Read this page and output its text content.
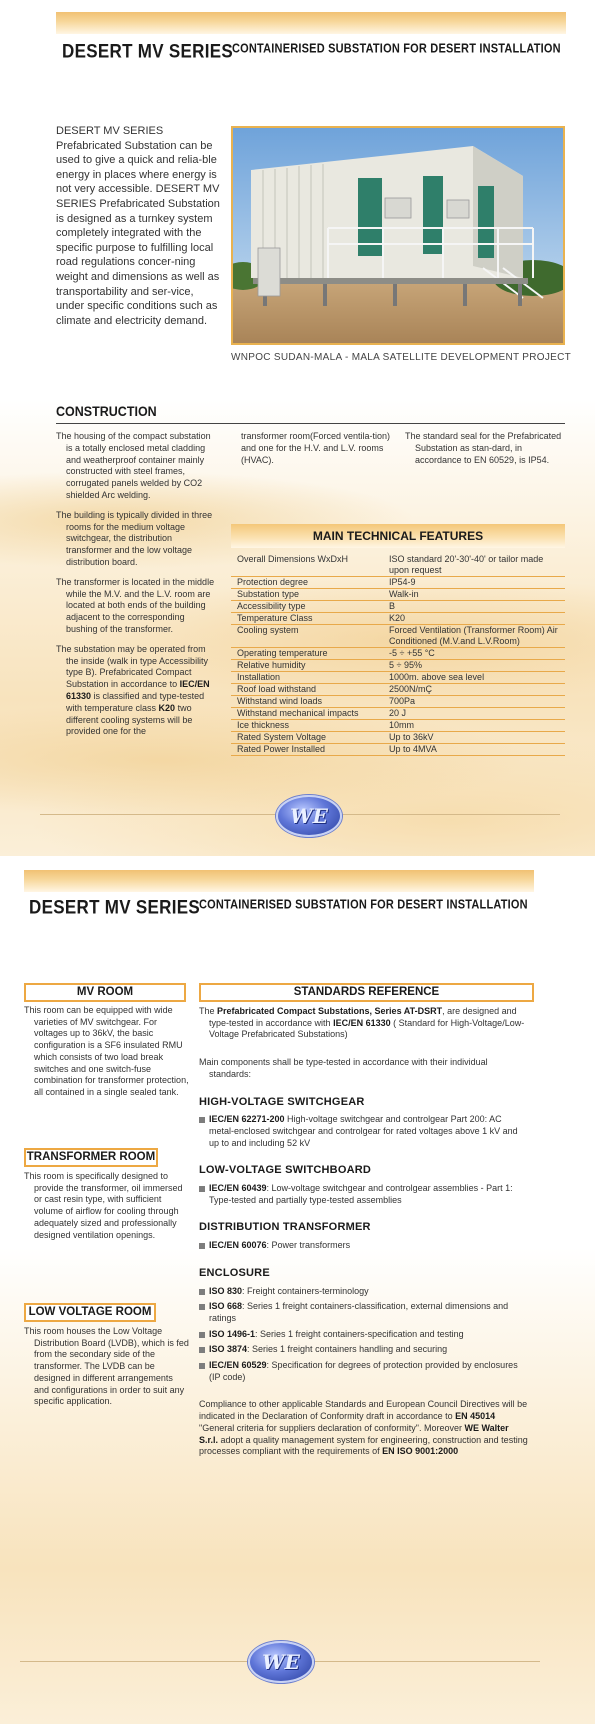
DESERT MV SERIES
CONTAINERISED SUBSTATION FOR DESERT INSTALLATION
DESERT MV SERIES Prefabricated Substation can be used to give a quick and relia-ble energy in places where energy is not very accessible. DESERT MV SERIES Prefabricated Substation is designed as a turnkey system completely integrated with the specific purpose to fulfilling local road regulations concer-ning weight and dimensions as well as transportability and ser-vice, under specific conditions such as climate and electricity demand.
WNPOC SUDAN-MALA - MALA SATELLITE DEVELOPMENT PROJECT
CONSTRUCTION

The housing of the compact substation is a totally enclosed metal cladding and weatherproof container mainly constructed with steel frames, corrugated panels welded by CO2 shielded Arc welding.

The building is typically divided in three rooms for the medium voltage switchgear, the distribution transformer and the low voltage distribution board.

The transformer is located in the middle while the M.V. and the L.V. room are located at both ends of the building adjacent to the corresponding bushing of the transformer.

The substation may be operated from the inside (walk in type Accessibility type B). Prefabricated Compact Substation in accordance to IEC/EN 61330 is classified and type-tested with temperature class K20 two different cooling systems will be provided one for the

transformer room(Forced ventila-tion) and one for the H.V. and L.V. rooms (HVAC).

The standard seal for the Prefabricated Substation as stan-dard, in accordance to EN 60529, is IP54.

MAIN TECHNICAL FEATURES
Overall Dimensions WxDxH	ISO standard 20'-30'-40' or tailor made upon request
Protection degree	IP54-9
Substation type	Walk-in
Accessibility type	B
Temperature Class	K20
Cooling system	Forced Ventilation (Transformer Room) Air Conditioned (M.V.and L.V.Room)
Operating temperature	-5 ÷ +55 °C
Relative humidity	5 ÷ 95%
Installation	1000m. above sea level
Roof load withstand	2500N/mÇ
Withstand wind loads	700Pa
Withstand mechanical impacts	20 J
Ice thickness	10mm
Rated System Voltage	Up to 36kV
Rated Power Installed	Up to 4MVA
WE
DESERT MV SERIES
CONTAINERISED SUBSTATION FOR DESERT INSTALLATION
MV ROOM

This room can be equipped with wide varieties of MV switchgear. For voltages up to 36kV, the basic configuration is a SF6 insulated RMU which consists of two load break switches and one switch-fuse combination for transformer protection, all contained in a single sealed tank.

TRANSFORMER ROOM

This room is specifically designed to provide the transformer, oil immersed or cast resin type, with sufficient volume of airflow for cooling through adequately sized and professionally designed ventilation openings.

LOW VOLTAGE ROOM

This room houses the Low Voltage Distribution Board (LVDB), which is fed from the secondary side of the transformer. The LVDB can be designed in different arrangements and configurations in order to suit any specific application.

STANDARDS REFERENCE

The Prefabricated Compact Substations, Series AT-DSRT, are designed and type-tested in accordance with IEC/EN 61330 ( Standard for High-Voltage/Low-Voltage Prefabricated Substations)

Main components shall be type-tested in accordance with their individual standards:

HIGH-VOLTAGE SWITCHGEAR
IEC/EN 62271-200 High-voltage switchgear and controlgear Part 200: AC metal-enclosed switchgear and controlgear for rated voltages above 1 kV and up to and including 52 kV
LOW-VOLTAGE SWITCHBOARD
IEC/EN 60439: Low-voltage switchgear and controlgear assemblies - Part 1: Type-tested and partially type-tested assemblies
DISTRIBUTION TRANSFORMER
IEC/EN 60076: Power transformers
ENCLOSURE
ISO 830: Freight containers-terminology
ISO 668: Series 1 freight containers-classification, external dimensions and ratings
ISO 1496-1: Series 1 freight containers-specification and testing
ISO 3874: Series 1 freight containers handling and securing
IEC/EN 60529: Specification for degrees of protection provided by enclosures (IP code)

Compliance to other applicable Standards and European Council Directives will be indicated in the Declaration of Conformity draft in accordance to EN 45014 "General criteria for suppliers declaration of conformity". Moreover WE Walter S.r.l. adopt a quality management system for engineering, construction and testing processes compliant with the requirements of EN ISO 9001:2000

WE
